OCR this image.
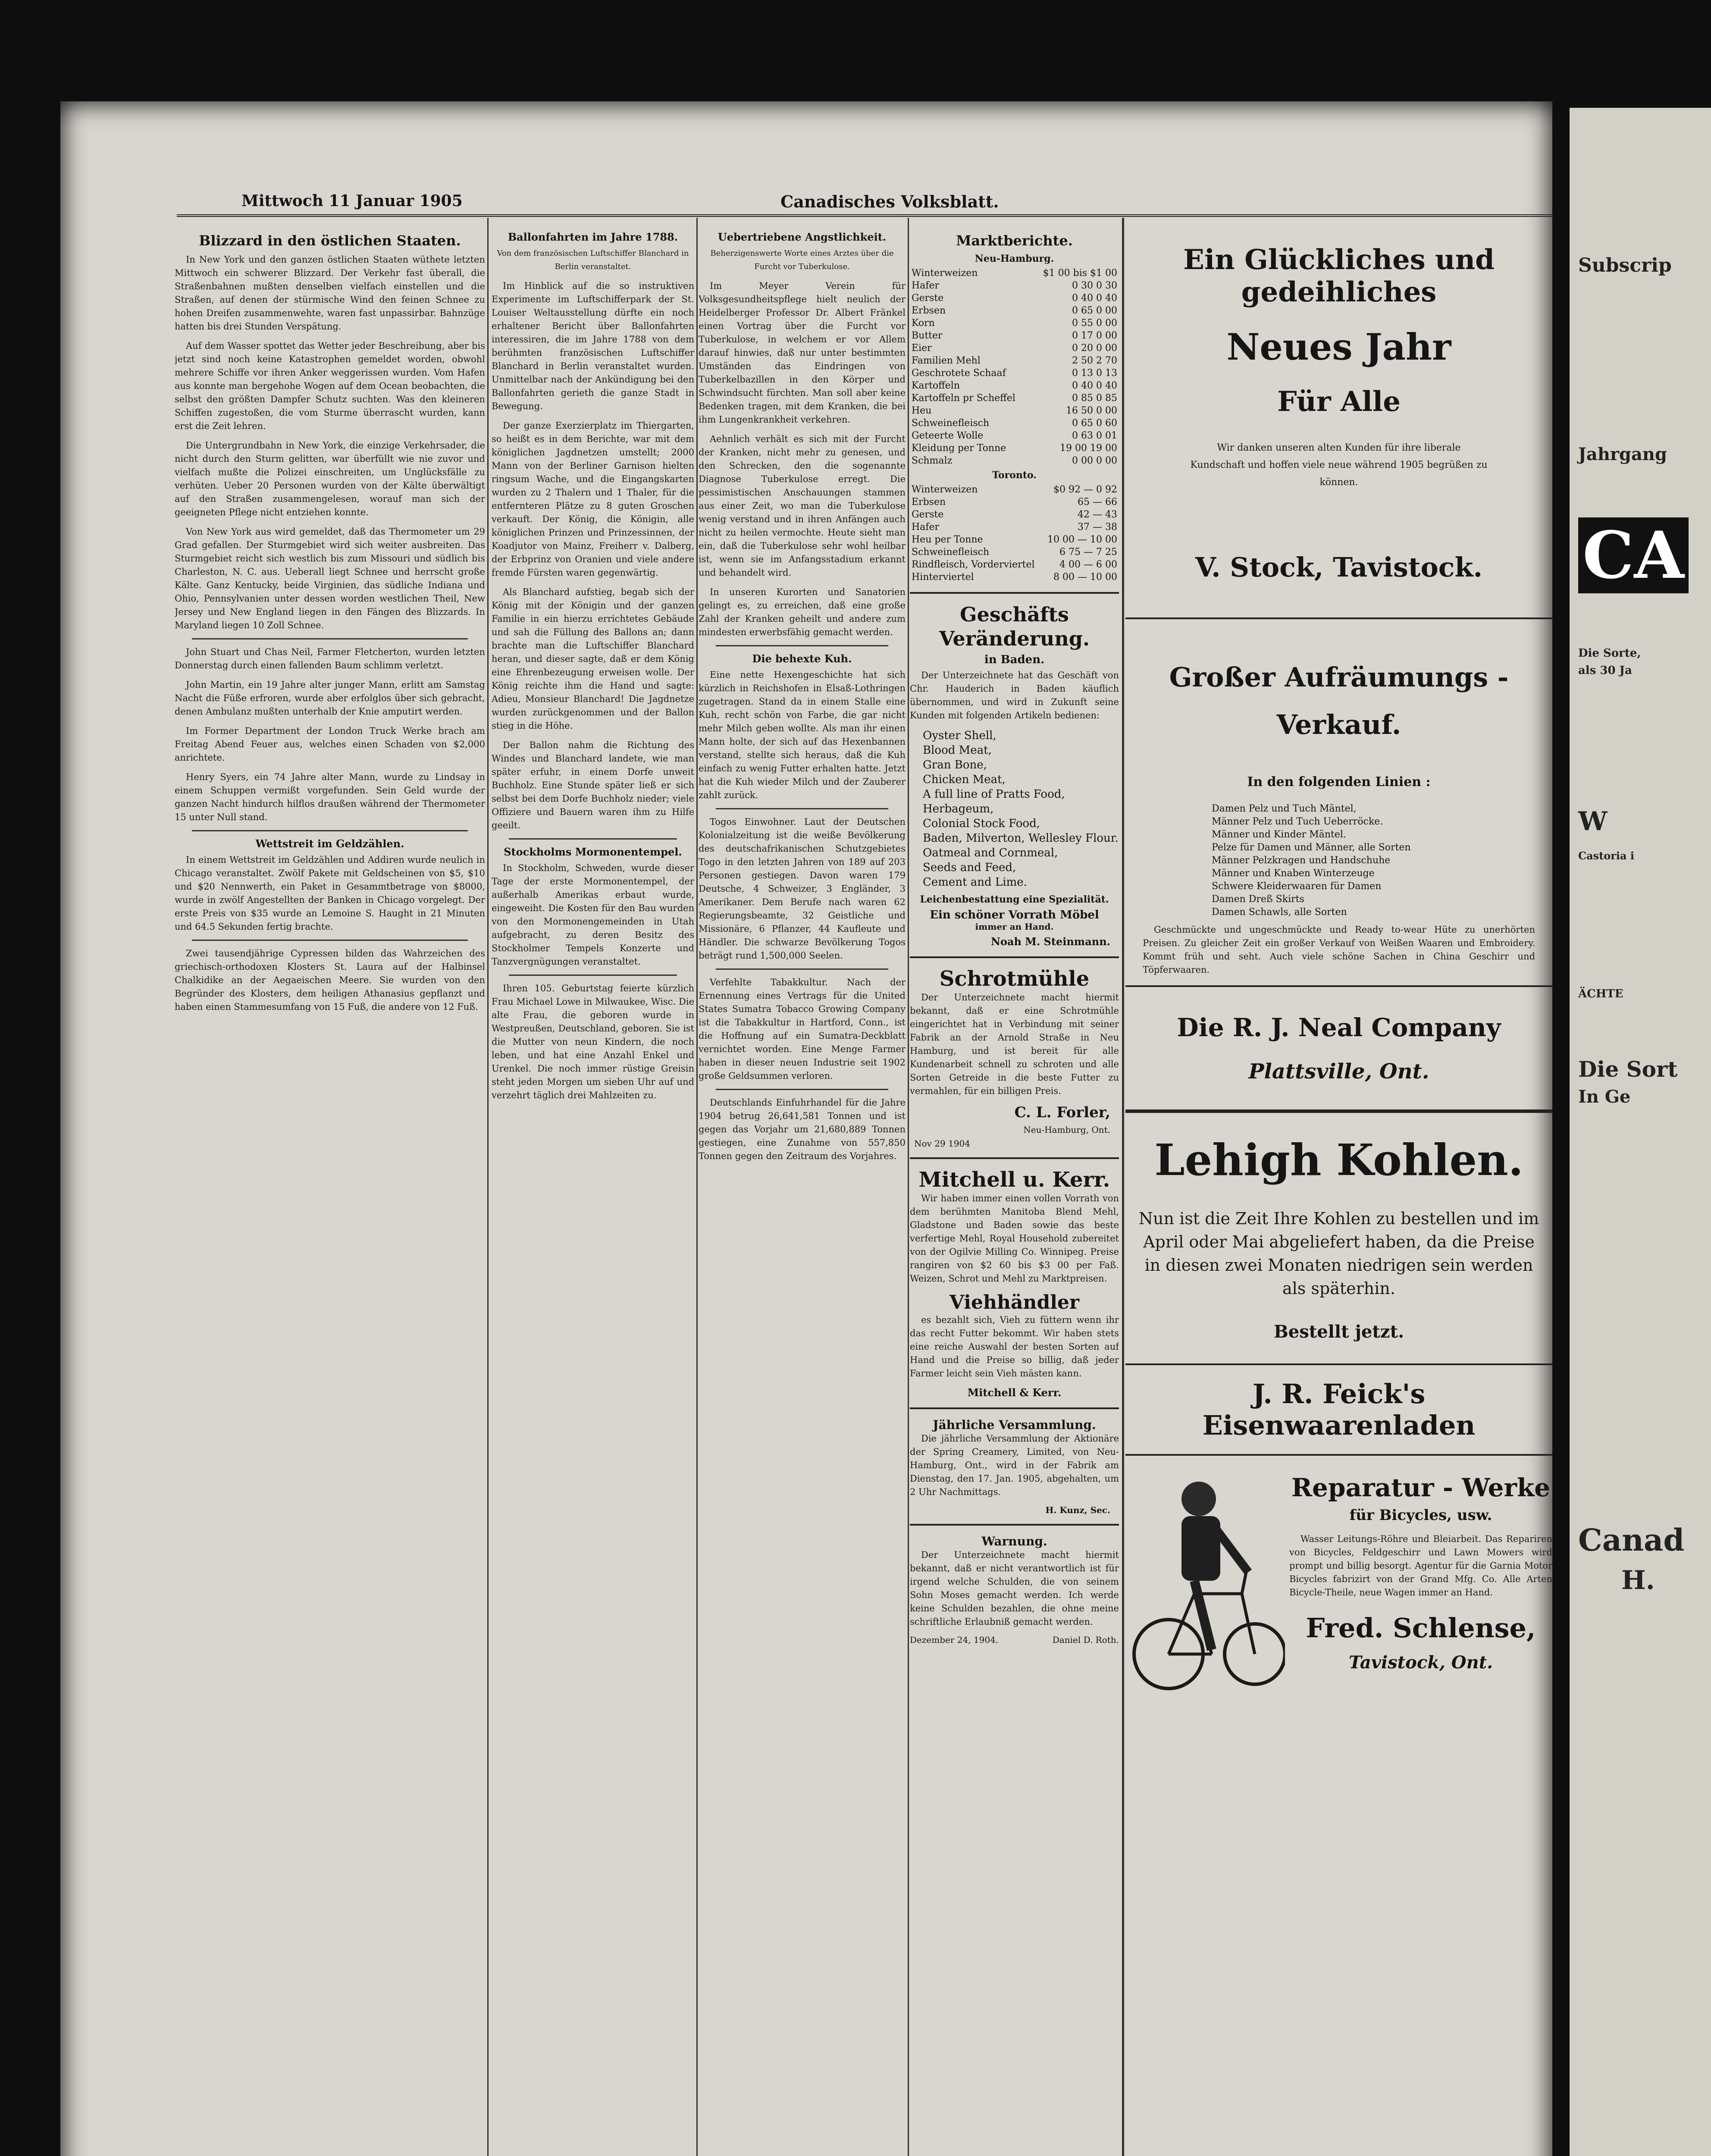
Mittwoch 11 Januar 1905	Canadisches Volksblatt.
Blizzard in den östlichen Staaten.

In New York und den ganzen östlichen Staaten wüthete letzten Mittwoch ein schwerer Blizzard. Der Verkehr fast überall, die Straßenbahnen mußten denselben vielfach einstellen und die Straßen, auf denen der stürmische Wind den feinen Schnee zu hohen Dreifen zusammenwehte, waren fast unpassirbar. Bahnzüge hatten bis drei Stunden Verspätung.

Auf dem Wasser spottet das Wetter jeder Beschreibung, aber bis jetzt sind noch keine Katastrophen gemeldet worden, obwohl mehrere Schiffe vor ihren Anker weggerissen wurden. Vom Hafen aus konnte man bergehohe Wogen auf dem Ocean beobachten, die selbst den größten Dampfer Schutz suchten. Was den kleineren Schiffen zugestoßen, die vom Sturme überrascht wurden, kann erst die Zeit lehren.

Die Untergrundbahn in New York, die einzige Verkehrsader, die nicht durch den Sturm gelitten, war überfüllt wie nie zuvor und vielfach mußte die Polizei einschreiten, um Unglücksfälle zu verhüten. Ueber 20 Personen wurden von der Kälte überwältigt auf den Straßen zusammengelesen, worauf man sich der geeigneten Pflege nicht entziehen konnte.

Von New York aus wird gemeldet, daß das Thermometer um 29 Grad gefallen. Der Sturmgebiet wird sich weiter ausbreiten. Das Sturmgebiet reicht sich westlich bis zum Missouri und südlich bis Charleston, N. C. aus. Ueberall liegt Schnee und herrscht große Kälte. Ganz Kentucky, beide Virginien, das südliche Indiana und Ohio, Pennsylvanien unter dessen worden westlichen Theil, New Jersey und New England liegen in den Fängen des Blizzards. In Maryland liegen 10 Zoll Schnee.

John Stuart und Chas Neil, Farmer Fletcherton, wurden letzten Donnerstag durch einen fallenden Baum schlimm verletzt.

John Martin, ein 19 Jahre alter junger Mann, erlitt am Samstag Nacht die Füße erfroren, wurde aber erfolglos über sich gebracht, denen Ambulanz mußten unterhalb der Knie amputirt werden.

Im Former Department der London Truck Werke brach am Freitag Abend Feuer aus, welches einen Schaden von $2,000 anrichtete.

Henry Syers, ein 74 Jahre alter Mann, wurde zu Lindsay in einem Schuppen vermißt vorgefunden. Sein Geld wurde der ganzen Nacht hindurch hilflos draußen während der Thermometer 15 unter Null stand.

Wettstreit im Geldzählen.

In einem Wettstreit im Geldzählen und Addiren wurde neulich in Chicago veranstaltet. Zwölf Pakete mit Geldscheinen von $5, $10 und $20 Nennwerth, ein Paket in Gesammtbetrage von $8000, wurde in zwölf Angestellten der Banken in Chicago vorgelegt. Der erste Preis von $35 wurde an Lemoine S. Haught in 21 Minuten und 64.5 Sekunden fertig brachte.

Zwei tausendjährige Cypressen bilden das Wahrzeichen des griechisch-orthodoxen Klosters St. Laura auf der Halbinsel Chalkidike an der Aegaeischen Meere. Sie wurden von den Begründer des Klosters, dem heiligen Athanasius gepflanzt und haben einen Stammesumfang von 15 Fuß, die andere von 12 Fuß.

Ballonfahrten im Jahre 1788.

Von dem französischen Luftschiffer Blanchard in Berlin veranstaltet.

Im Hinblick auf die so instruktiven Experimente im Luftschifferpark der St. Louiser Weltausstellung dürfte ein noch erhaltener Bericht über Ballonfahrten interessiren, die im Jahre 1788 von dem berühmten französischen Luftschiffer Blanchard in Berlin veranstaltet wurden. Unmittelbar nach der Ankündigung bei den Ballonfahrten gerieth die ganze Stadt in Bewegung.

Der ganze Exerzierplatz im Thiergarten, so heißt es in dem Berichte, war mit dem königlichen Jagdnetzen umstellt; 2000 Mann von der Berliner Garnison hielten ringsum Wache, und die Eingangskarten wurden zu 2 Thalern und 1 Thaler, für die entfernteren Plätze zu 8 guten Groschen verkauft. Der König, die Königin, alle königlichen Prinzen und Prinzessinnen, der Koadjutor von Mainz, Freiherr v. Dalberg, der Erbprinz von Oranien und viele andere fremde Fürsten waren gegenwärtig.

Als Blanchard aufstieg, begab sich der König mit der Königin und der ganzen Familie in ein hierzu errichtetes Gebäude und sah die Füllung des Ballons an; dann brachte man die Luftschiffer Blanchard heran, und dieser sagte, daß er dem König eine Ehrenbezeugung erweisen wolle. Der König reichte ihm die Hand und sagte: Adieu, Monsieur Blanchard! Die Jagdnetze wurden zurückgenommen und der Ballon stieg in die Höhe.

Der Ballon nahm die Richtung des Windes und Blanchard landete, wie man später erfuhr, in einem Dorfe unweit Buchholz. Eine Stunde später ließ er sich selbst bei dem Dorfe Buchholz nieder; viele Offiziere und Bauern waren ihm zu Hilfe geeilt.

Stockholms Mormonentempel.

In Stockholm, Schweden, wurde dieser Tage der erste Mormonentempel, der außerhalb Amerikas erbaut wurde, eingeweiht. Die Kosten für den Bau wurden von den Mormonengemeinden in Utah aufgebracht, zu deren Besitz des Stockholmer Tempels Konzerte und Tanzvergnügungen veranstaltet.

Ihren 105. Geburtstag feierte kürzlich Frau Michael Lowe in Milwaukee, Wisc. Die alte Frau, die geboren wurde in Westpreußen, Deutschland, geboren. Sie ist die Mutter von neun Kindern, die noch leben, und hat eine Anzahl Enkel und Urenkel. Die noch immer rüstige Greisin steht jeden Morgen um sieben Uhr auf und verzehrt täglich drei Mahlzeiten zu.

Uebertriebene Angstlichkeit.

Beherzigenswerte Worte eines Arztes über die Furcht vor Tuberkulose.

Im Meyer Verein für Volksgesundheitspflege hielt neulich der Heidelberger Professor Dr. Albert Fränkel einen Vortrag über die Furcht vor Tuberkulose, in welchem er vor Allem darauf hinwies, daß nur unter bestimmten Umständen das Eindringen von Tuberkelbazillen in den Körper und Schwindsucht fürchten. Man soll aber keine Bedenken tragen, mit dem Kranken, die bei ihm Lungenkrankheit verkehren.

Aehnlich verhält es sich mit der Furcht der Kranken, nicht mehr zu genesen, und den Schrecken, den die sogenannte Diagnose Tuberkulose erregt. Die pessimistischen Anschauungen stammen aus einer Zeit, wo man die Tuberkulose wenig verstand und in ihren Anfängen auch nicht zu heilen vermochte. Heute sieht man ein, daß die Tuberkulose sehr wohl heilbar ist, wenn sie im Anfangsstadium erkannt und behandelt wird.

In unseren Kurorten und Sanatorien gelingt es, zu erreichen, daß eine große Zahl der Kranken geheilt und andere zum mindesten erwerbsfähig gemacht werden.

Die behexte Kuh.

Eine nette Hexengeschichte hat sich kürzlich in Reichshofen in Elsaß-Lothringen zugetragen. Stand da in einem Stalle eine Kuh, recht schön von Farbe, die gar nicht mehr Milch geben wollte. Als man ihr einen Mann holte, der sich auf das Hexenbannen verstand, stellte sich heraus, daß die Kuh einfach zu wenig Futter erhalten hatte. Jetzt hat die Kuh wieder Milch und der Zauberer zahlt zurück.

Togos Einwohner. Laut der Deutschen Kolonialzeitung ist die weiße Bevölkerung des deutschafrikanischen Schutzgebietes Togo in den letzten Jahren von 189 auf 203 Personen gestiegen. Davon waren 179 Deutsche, 4 Schweizer, 3 Engländer, 3 Amerikaner. Dem Berufe nach waren 62 Regierungsbeamte, 32 Geistliche und Missionäre, 6 Pflanzer, 44 Kaufleute und Händler. Die schwarze Bevölkerung Togos beträgt rund 1,500,000 Seelen.

Verfehlte Tabakkultur. Nach der Ernennung eines Vertrags für die United States Sumatra Tobacco Growing Company ist die Tabakkultur in Hartford, Conn., ist die Hoffnung auf ein Sumatra-Deckblatt vernichtet worden. Eine Menge Farmer haben in dieser neuen Industrie seit 1902 große Geldsummen verloren.

Deutschlands Einfuhrhandel für die Jahre 1904 betrug 26,641,581 Tonnen und ist gegen das Vorjahr um 21,680,889 Tonnen gestiegen, eine Zunahme von 557,850 Tonnen gegen den Zeitraum des Vorjahres.

Marktberichte.
Neu-Hamburg.
Winterweizen	$1 00 bis $1 00
Hafer	0 30 0 30
Gerste	0 40 0 40
Erbsen	0 65 0 00
Korn	0 55 0 00
Butter	0 17 0 00
Eier	0 20 0 00
Familien Mehl	2 50 2 70
Geschrotete Schaaf	0 13 0 13
Kartoffeln	0 40 0 40
Kartoffeln pr Scheffel	0 85 0 85
Heu	16 50 0 00
Schweinefleisch	0 65 0 60
Geteerte Wolle	0 63 0 01
Kleidung per Tonne	19 00 19 00
Schmalz	0 00 0 00
Toronto.
Winterweizen	$0 92 — 0 92
Erbsen	65 — 66
Gerste	42 — 43
Hafer	37 — 38
Heu per Tonne	10 00 — 10 00
Schweinefleisch	6 75 — 7 25
Rindfleisch, Vorderviertel	4 00 — 6 00
Hinterviertel	8 00 — 10 00
Geschäfts Veränderung.
in Baden.

Der Unterzeichnete hat das Geschäft von Chr. Hauderich in Baden käuflich übernommen, und wird in Zukunft seine Kunden mit folgenden Artikeln bedienen:

Oyster Shell,
Blood Meat,
Gran Bone,
Chicken Meat,
A full line of Pratts Food,
Herbageum,
Colonial Stock Food,
Baden, Milverton, Wellesley Flour.
Oatmeal and Cornmeal,
Seeds and Feed,
Cement and Lime.
Leichenbestattung eine Spezialität.
Ein schöner Vorrath Möbel
immer an Hand.
Noah M. Steinmann.
Schrotmühle

Der Unterzeichnete macht hiermit bekannt, daß er eine Schrotmühle eingerichtet hat in Verbindung mit seiner Fabrik an der Arnold Straße in Neu Hamburg, und ist bereit für alle Kundenarbeit schnell zu schroten und alle Sorten Getreide in die beste Futter zu vermahlen, für ein billigen Preis.

C. L. Forler,
Neu-Hamburg, Ont.
Nov 29 1904
Mitchell u. Kerr.

Wir haben immer einen vollen Vorrath von dem berühmten Manitoba Blend Mehl, Gladstone und Baden sowie das beste verfertige Mehl, Royal Household zubereitet von der Ogilvie Milling Co. Winnipeg. Preise rangiren von $2 60 bis $3 00 per Faß. Weizen, Schrot und Mehl zu Marktpreisen.

Viehhändler

es bezahlt sich, Vieh zu füttern wenn ihr das recht Futter bekommt. Wir haben stets eine reiche Auswahl der besten Sorten auf Hand und die Preise so billig, daß jeder Farmer leicht sein Vieh mästen kann.

Mitchell & Kerr.
Jährliche Versammlung.

Die jährliche Versammlung der Aktionäre der Spring Creamery, Limited, von Neu-Hamburg, Ont., wird in der Fabrik am Dienstag, den 17. Jan. 1905, abgehalten, um 2 Uhr Nachmittags.

H. Kunz, Sec.
Warnung.

Der Unterzeichnete macht hiermit bekannt, daß er nicht verantwortlich ist für irgend welche Schulden, die von seinem Sohn Moses gemacht werden. Ich werde keine Schulden bezahlen, die ohne meine schriftliche Erlaubniß gemacht werden.

Dezember 24, 1904.	Daniel D. Roth.
Ein Glückliches und gedeihliches
Neues Jahr
Für Alle

Wir danken unseren alten Kunden für ihre liberale Kundschaft und hoffen viele neue während 1905 begrüßen zu können.

V. Stock, Tavistock.
Großer Aufräumungs - Verkauf.
In den folgenden Linien :
Damen Pelz und Tuch Mäntel,
Männer Pelz und Tuch Ueberröcke.
Männer und Kinder Mäntel.
Pelze für Damen und Männer, alle Sorten
Männer Pelzkragen und Handschuhe
Männer und Knaben Winterzeuge
Schwere Kleiderwaaren für Damen
Damen Dreß Skirts
Damen Schawls, alle Sorten

Geschmückte und ungeschmückte und Ready to-wear Hüte zu unerhörten Preisen. Zu gleicher Zeit ein großer Verkauf von Weißen Waaren und Embroidery. Kommt früh und seht. Auch viele schöne Sachen in China Geschirr und Töpferwaaren.

Die R. J. Neal Company
Plattsville, Ont.
Lehigh Kohlen.

Nun ist die Zeit Ihre Kohlen zu bestellen und im April oder Mai abgeliefert haben, da die Preise in diesen zwei Monaten niedrigen sein werden als späterhin.

Bestellt jetzt.
J. R. Feick's Eisenwaarenladen
Reparatur - Werke
für Bicycles, usw.

Wasser Leitungs-Röhre und Bleiarbeit. Das Repariren von Bicycles, Feldgeschirr und Lawn Mowers wird prompt und billig besorgt. Agentur für die Garnia Motor Bicycles fabrizirt von der Grand Mfg. Co. Alle Arten Bicycle-Theile, neue Wagen immer an Hand.

Fred. Schlense,
Tavistock, Ont.
Subscrip
Jahrgang
CA
Die Sorte,
als 30 Ja
W
Castoria i
ÄCHTE
Die Sort
In Ge
Canad
H.
